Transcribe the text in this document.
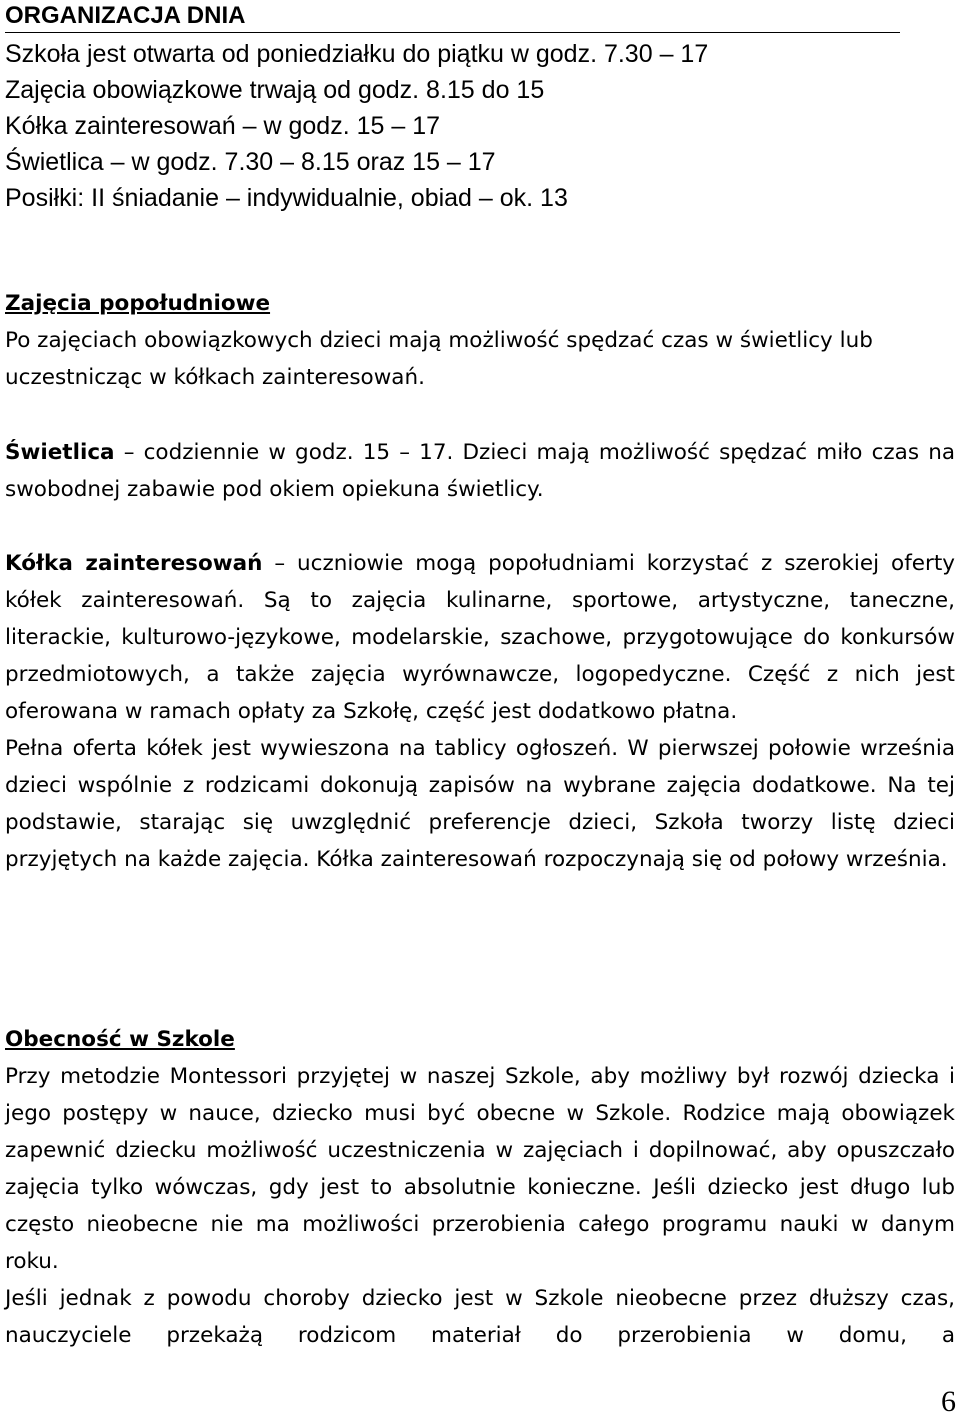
ORGANIZACJA DNIA
Szkoła jest otwarta od poniedziałku do piątku w godz. 7.30 – 17
Zajęcia obowiązkowe trwają od godz. 8.15 do 15
Kółka zainteresowań – w godz. 15 – 17
Świetlica – w godz. 7.30 – 8.15 oraz 15 – 17
Posiłki: II śniadanie – indywidualnie, obiad – ok. 13
Zajęcia popołudniowe

Po zajęciach obowiązkowych dzieci mają możliwość spędzać czas w świetlicy lub uczestnicząc w kółkach zainteresowań.

Świetlica – codziennie w godz. 15 – 17. Dzieci mają możliwość spędzać miło czas na swobodnej zabawie pod okiem opiekuna świetlicy.

Kółka zainteresowań – uczniowie mogą popołudniami korzystać z szerokiej oferty kółek zainteresowań. Są to zajęcia kulinarne, sportowe, artystyczne, taneczne, literackie, kulturowo-językowe, modelarskie, szachowe, przygotowujące do konkursów przedmiotowych, a także zajęcia wyrównawcze, logopedyczne. Część z nich jest oferowana w ramach opłaty za Szkołę, część jest dodatkowo płatna.

Pełna oferta kółek jest wywieszona na tablicy ogłoszeń. W pierwszej połowie września dzieci wspólnie z rodzicami dokonują zapisów na wybrane zajęcia dodatkowe. Na tej podstawie, starając się uwzględnić preferencje dzieci, Szkoła tworzy listę dzieci przyjętych na każde zajęcia. Kółka zainteresowań rozpoczynają się od połowy września.

Obecność w Szkole

Przy metodzie Montessori przyjętej w naszej Szkole, aby możliwy był rozwój dziecka i jego postępy w nauce, dziecko musi być obecne w Szkole. Rodzice mają obowiązek zapewnić dziecku możliwość uczestniczenia w zajęciach i dopilnować, aby opuszczało zajęcia tylko wówczas, gdy jest to absolutnie konieczne. Jeśli dziecko jest długo lub często nieobecne nie ma możliwości przerobienia całego programu nauki w danym roku.

Jeśli jednak z powodu choroby dziecko jest w Szkole nieobecne przez dłuższy czas, nauczyciele przekażą rodzicom materiał do przerobienia w domu, a

6
